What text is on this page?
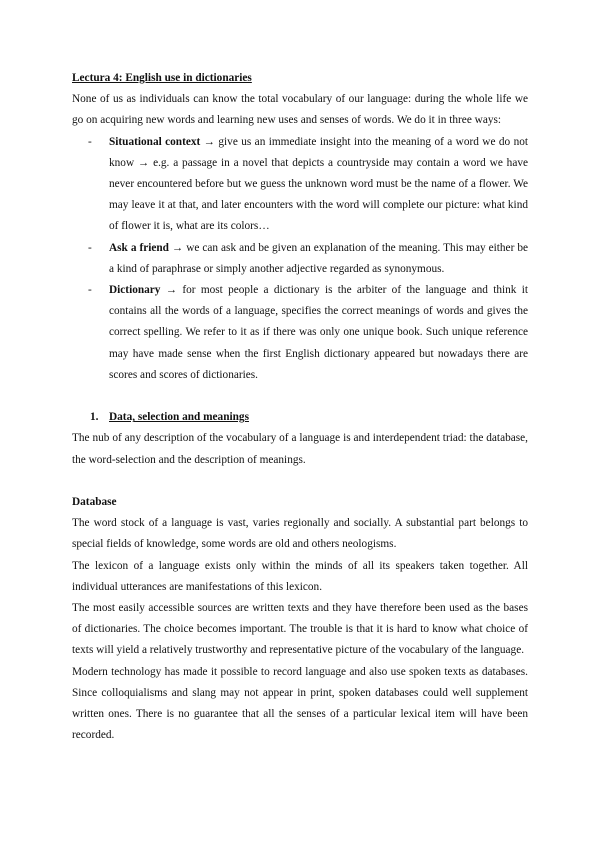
Lectura 4: English use in dictionaries

None of us as individuals can know the total vocabulary of our language: during the whole life we go on acquiring new words and learning new uses and senses of words. We do it in three ways:

- Situational context → give us an immediate insight into the meaning of a word we do not know → e.g. a passage in a novel that depicts a countryside may contain a word we have never encountered before but we guess the unknown word must be the name of a flower. We may leave it at that, and later encounters with the word will complete our picture: what kind of flower it is, what are its colors…
- Ask a friend → we can ask and be given an explanation of the meaning. This may either be a kind of paraphrase or simply another adjective regarded as synonymous.
- Dictionary → for most people a dictionary is the arbiter of the language and think it contains all the words of a language, specifies the correct meanings of words and gives the correct spelling. We refer to it as if there was only one unique book. Such unique reference may have made sense when the first English dictionary appeared but nowadays there are scores and scores of dictionaries.

1. Data, selection and meanings

The nub of any description of the vocabulary of a language is and interdependent triad: the database, the word-selection and the description of meanings.

Database

The word stock of a language is vast, varies regionally and socially. A substantial part belongs to special fields of knowledge, some words are old and others neologisms.

The lexicon of a language exists only within the minds of all its speakers taken together. All individual utterances are manifestations of this lexicon.

The most easily accessible sources are written texts and they have therefore been used as the bases of dictionaries. The choice becomes important. The trouble is that it is hard to know what choice of texts will yield a relatively trustworthy and representative picture of the vocabulary of the language.

Modern technology has made it possible to record language and also use spoken texts as databases. Since colloquialisms and slang may not appear in print, spoken databases could well supplement written ones. There is no guarantee that all the senses of a particular lexical item will have been recorded.
